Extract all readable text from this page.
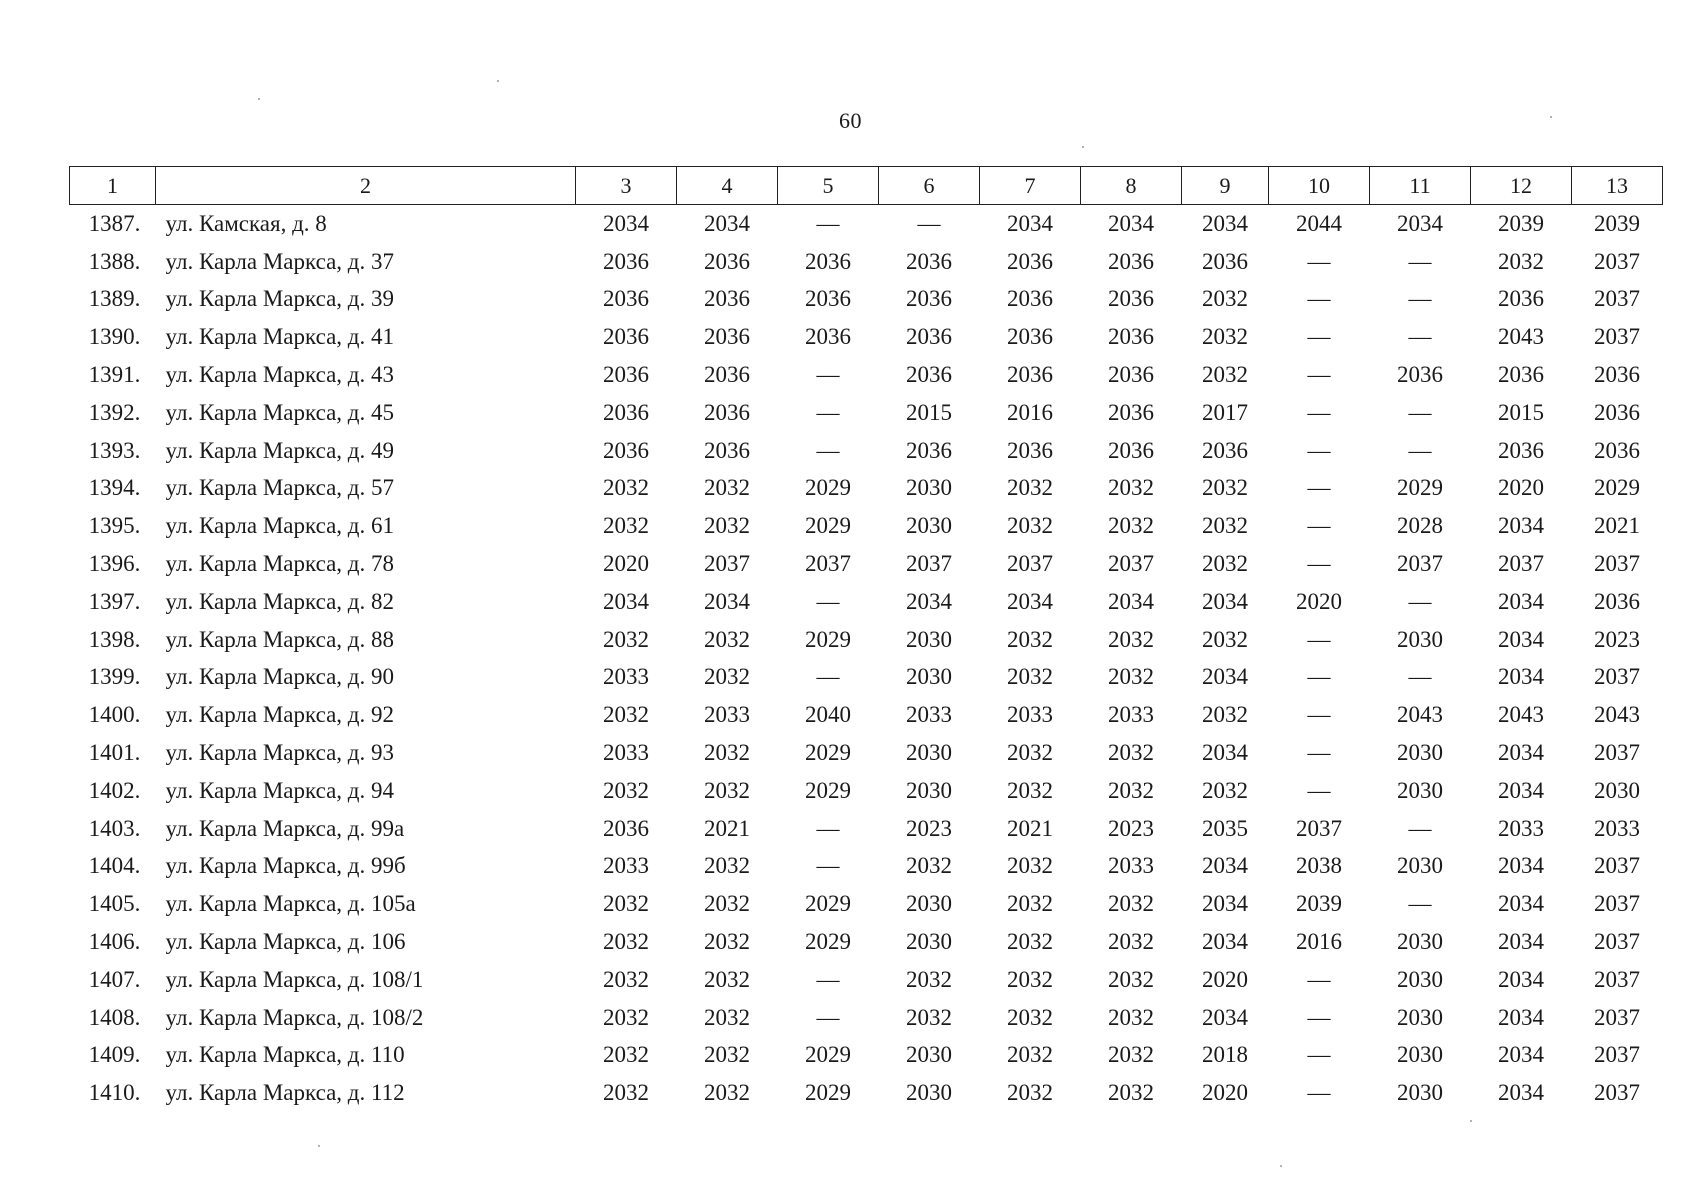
60
1	2	3	4	5	6	7	8	9	10	11	12	13
1387.	ул. Камская, д. 8	2034	2034	—	—	2034	2034	2034	2044	2034	2039	2039
1388.	ул. Карла Маркса, д. 37	2036	2036	2036	2036	2036	2036	2036	—	—	2032	2037
1389.	ул. Карла Маркса, д. 39	2036	2036	2036	2036	2036	2036	2032	—	—	2036	2037
1390.	ул. Карла Маркса, д. 41	2036	2036	2036	2036	2036	2036	2032	—	—	2043	2037
1391.	ул. Карла Маркса, д. 43	2036	2036	—	2036	2036	2036	2032	—	2036	2036	2036
1392.	ул. Карла Маркса, д. 45	2036	2036	—	2015	2016	2036	2017	—	—	2015	2036
1393.	ул. Карла Маркса, д. 49	2036	2036	—	2036	2036	2036	2036	—	—	2036	2036
1394.	ул. Карла Маркса, д. 57	2032	2032	2029	2030	2032	2032	2032	—	2029	2020	2029
1395.	ул. Карла Маркса, д. 61	2032	2032	2029	2030	2032	2032	2032	—	2028	2034	2021
1396.	ул. Карла Маркса, д. 78	2020	2037	2037	2037	2037	2037	2032	—	2037	2037	2037
1397.	ул. Карла Маркса, д. 82	2034	2034	—	2034	2034	2034	2034	2020	—	2034	2036
1398.	ул. Карла Маркса, д. 88	2032	2032	2029	2030	2032	2032	2032	—	2030	2034	2023
1399.	ул. Карла Маркса, д. 90	2033	2032	—	2030	2032	2032	2034	—	—	2034	2037
1400.	ул. Карла Маркса, д. 92	2032	2033	2040	2033	2033	2033	2032	—	2043	2043	2043
1401.	ул. Карла Маркса, д. 93	2033	2032	2029	2030	2032	2032	2034	—	2030	2034	2037
1402.	ул. Карла Маркса, д. 94	2032	2032	2029	2030	2032	2032	2032	—	2030	2034	2030
1403.	ул. Карла Маркса, д. 99а	2036	2021	—	2023	2021	2023	2035	2037	—	2033	2033
1404.	ул. Карла Маркса, д. 99б	2033	2032	—	2032	2032	2033	2034	2038	2030	2034	2037
1405.	ул. Карла Маркса, д. 105а	2032	2032	2029	2030	2032	2032	2034	2039	—	2034	2037
1406.	ул. Карла Маркса, д. 106	2032	2032	2029	2030	2032	2032	2034	2016	2030	2034	2037
1407.	ул. Карла Маркса, д. 108/1	2032	2032	—	2032	2032	2032	2020	—	2030	2034	2037
1408.	ул. Карла Маркса, д. 108/2	2032	2032	—	2032	2032	2032	2034	—	2030	2034	2037
1409.	ул. Карла Маркса, д. 110	2032	2032	2029	2030	2032	2032	2018	—	2030	2034	2037
1410.	ул. Карла Маркса, д. 112	2032	2032	2029	2030	2032	2032	2020	—	2030	2034	2037
